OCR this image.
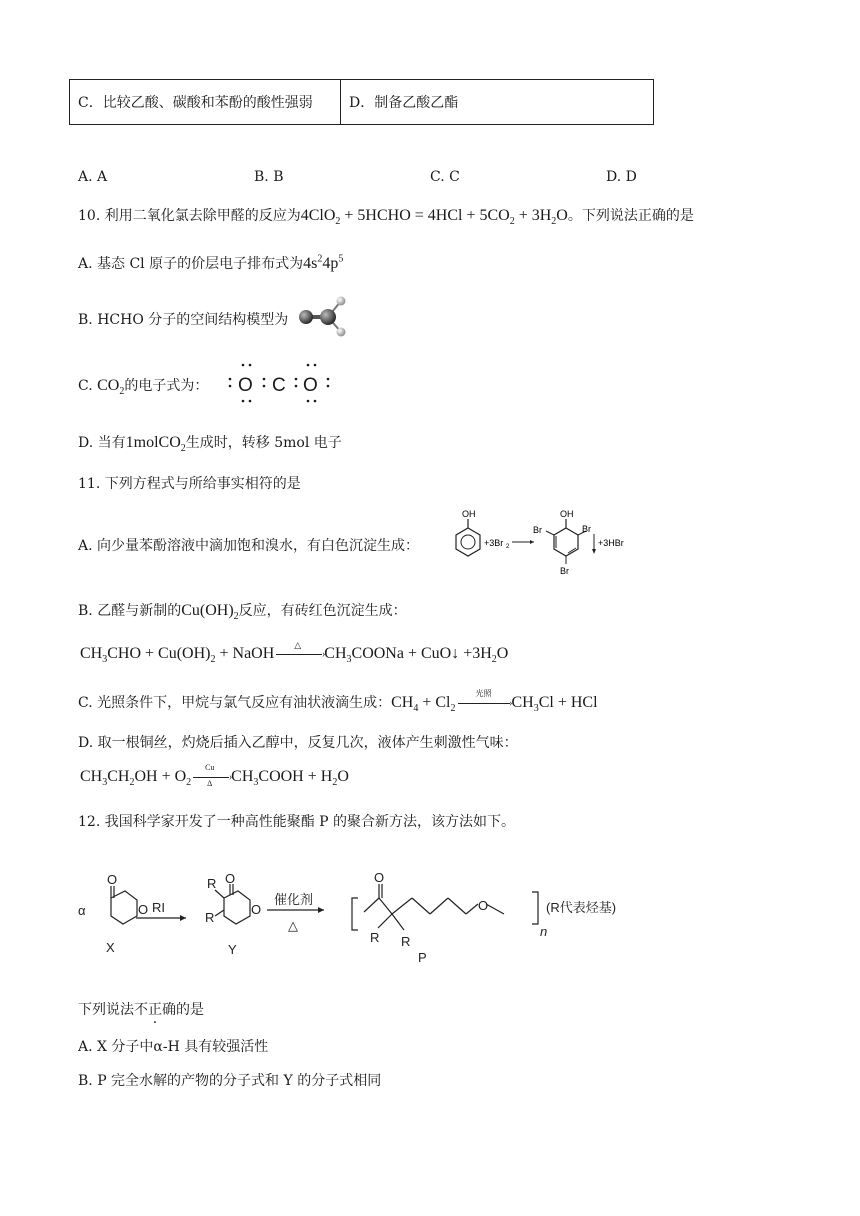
C．比较乙酸、碳酸和苯酚的酸性强弱	D．制备乙酸乙酯
A. A	B. B	C. C	D. D
10. 利用二氧化氯去除甲醛的反应为4ClO$_2$ + 5HCHO = $4HCl + 5CO_2 + 3H_2O$。下列说法正确的是
A. 基态 Cl 原子的价层电子排布式为$4s^24p^5$
B. HCHO 分子的空间结构模型为
C. $CO_2$的电子式为： O C O
D. 当有1molCO$_2$生成时，转移 5mol 电子
11. 下列方程式与所给事实相符的是
A. 向少量苯酚溶液中滴加饱和溴水，有白色沉淀生成：
OH
+3Br 2
OH
Br	Br
Br
+3HBr
B. 乙醛与新制的$Cu(OH)_2$反应，有砖红色沉淀生成：
$CH_3CHO + Cu(OH)_2$ + NaOH	›
△ $CH_3COONa$ + CuO↓ $+3H_2O$
C. 光照条件下，甲烷与氯气反应有油状液滴生成：$CH_4 + Cl_2$	›
光照
$CH_3Cl$ + HCl
D. 取一根铜丝，灼烧后插入乙醇中，反复几次，液体产生刺激性气味：
$CH_3CH_2OH + O_2$	›
Cu
Δ $CH_3COOH + H_2O$
12. 我国科学家开发了一种高性能聚酯 P 的聚合新方法，该方法如下。
α
O
O
X
RI
R
R
O
O
Y
催化剂
△
O
R R
O
n
(R代表烃基)
P
下列说法不正确的是
A. X 分子中α-H 具有较强活性
B. P 完全水解的产物的分子式和 Y 的分子式相同
